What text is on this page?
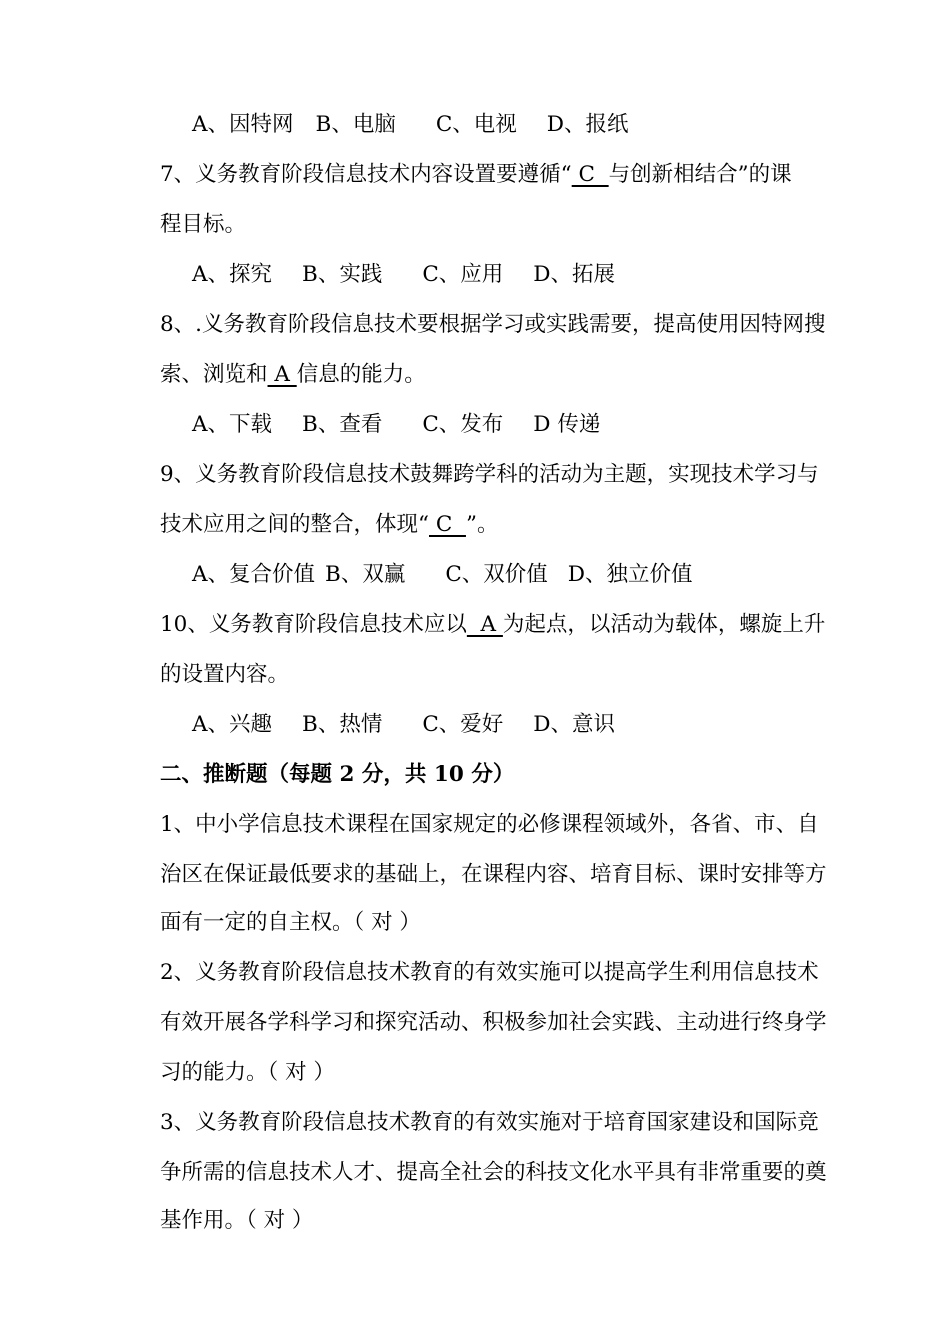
A、因特网 B、电脑 C、电视 D、报纸
7、义务教育阶段信息技术内容设置要遵循“ C  与创新相结合”的课
程目标。
A、探究 B、实践 C、应用 D、拓展
8、.义务教育阶段信息技术要根据学习或实践需要，提高使用因特网搜
索、浏览和 A 信息的能力。
A、下载 B、查看 C、发布 D 传递
9、义务教育阶段信息技术鼓舞跨学科的活动为主题，实现技术学习与
技术应用之间的整合，体现“ C  ”。
A、复合价值 B、双赢 C、双价值 D、独立价值
10、义务教育阶段信息技术应以  A 为起点，以活动为载体，螺旋上升
的设置内容。
A、兴趣 B、热情 C、爱好 D、意识
二、推断题（每题 2 分，共 10 分）
1、中小学信息技术课程在国家规定的必修课程领域外，各省、市、自
治区在保证最低要求的基础上，在课程内容、培育目标、课时安排等方
面有一定的自主权。（ 对 ）
2、义务教育阶段信息技术教育的有效实施可以提高学生利用信息技术
有效开展各学科学习和探究活动、积极参加社会实践、主动进行终身学
习的能力。（ 对 ）
3、义务教育阶段信息技术教育的有效实施对于培育国家建设和国际竞
争所需的信息技术人才、提高全社会的科技文化水平具有非常重要的奠
基作用。（ 对 ）
